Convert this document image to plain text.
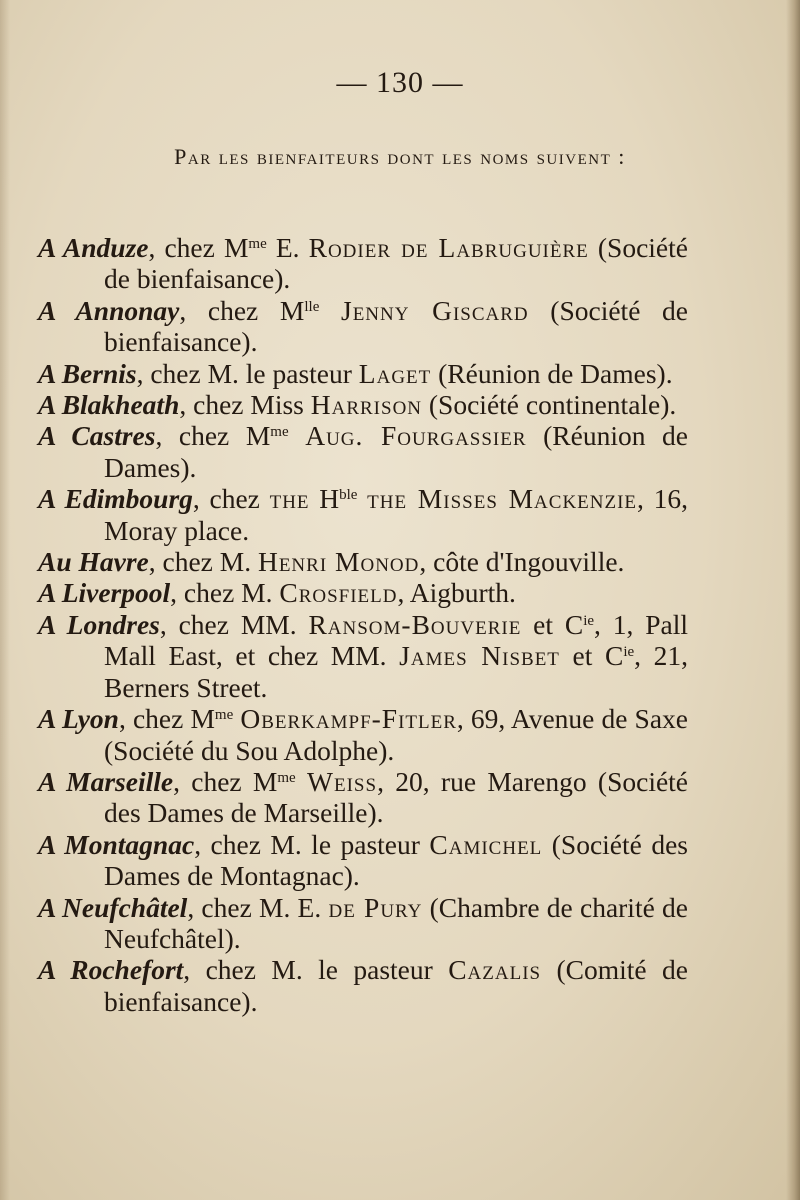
— 130 —
Par les bienfaiteurs dont les noms suivent :

A Anduze, chez $M^{me}$ E. Rodier de Labruguière (Société de bienfaisance).

A Annonay, chez $M^{lle}$ Jenny Giscard (Société de bienfaisance).

A Bernis, chez M. le pasteur Laget (Réunion de Dames).

A Blakheath, chez Miss Harrison (Société continentale).

A Castres, chez $M^{me}$ Aug. Fourgassier (Réunion de Dames).

A Edimbourg, chez the $H^{ble}$ the Misses Mackenzie, 16, Moray place.

Au Havre, chez M. Henri Monod, côte d'Ingouville.

A Liverpool, chez M. Crosfield, Aigburth.

A Londres, chez MM. Ransom-Bouverie et $C^{ie}$, 1, Pall Mall East, et chez MM. James Nisbet et $C^{ie}$, 21, Berners Street.

A Lyon, chez $M^{me}$ Oberkampf-Fitler, 69, Avenue de Saxe (Société du Sou Adolphe).

A Marseille, chez $M^{me}$ Weiss, 20, rue Marengo (Société des Dames de Marseille).

A Montagnac, chez M. le pasteur Camichel (Société des Dames de Montagnac).

A Neufchâtel, chez M. E. de Pury (Chambre de charité de Neufchâtel).

A Rochefort, chez M. le pasteur Cazalis (Comité de bienfaisance).
